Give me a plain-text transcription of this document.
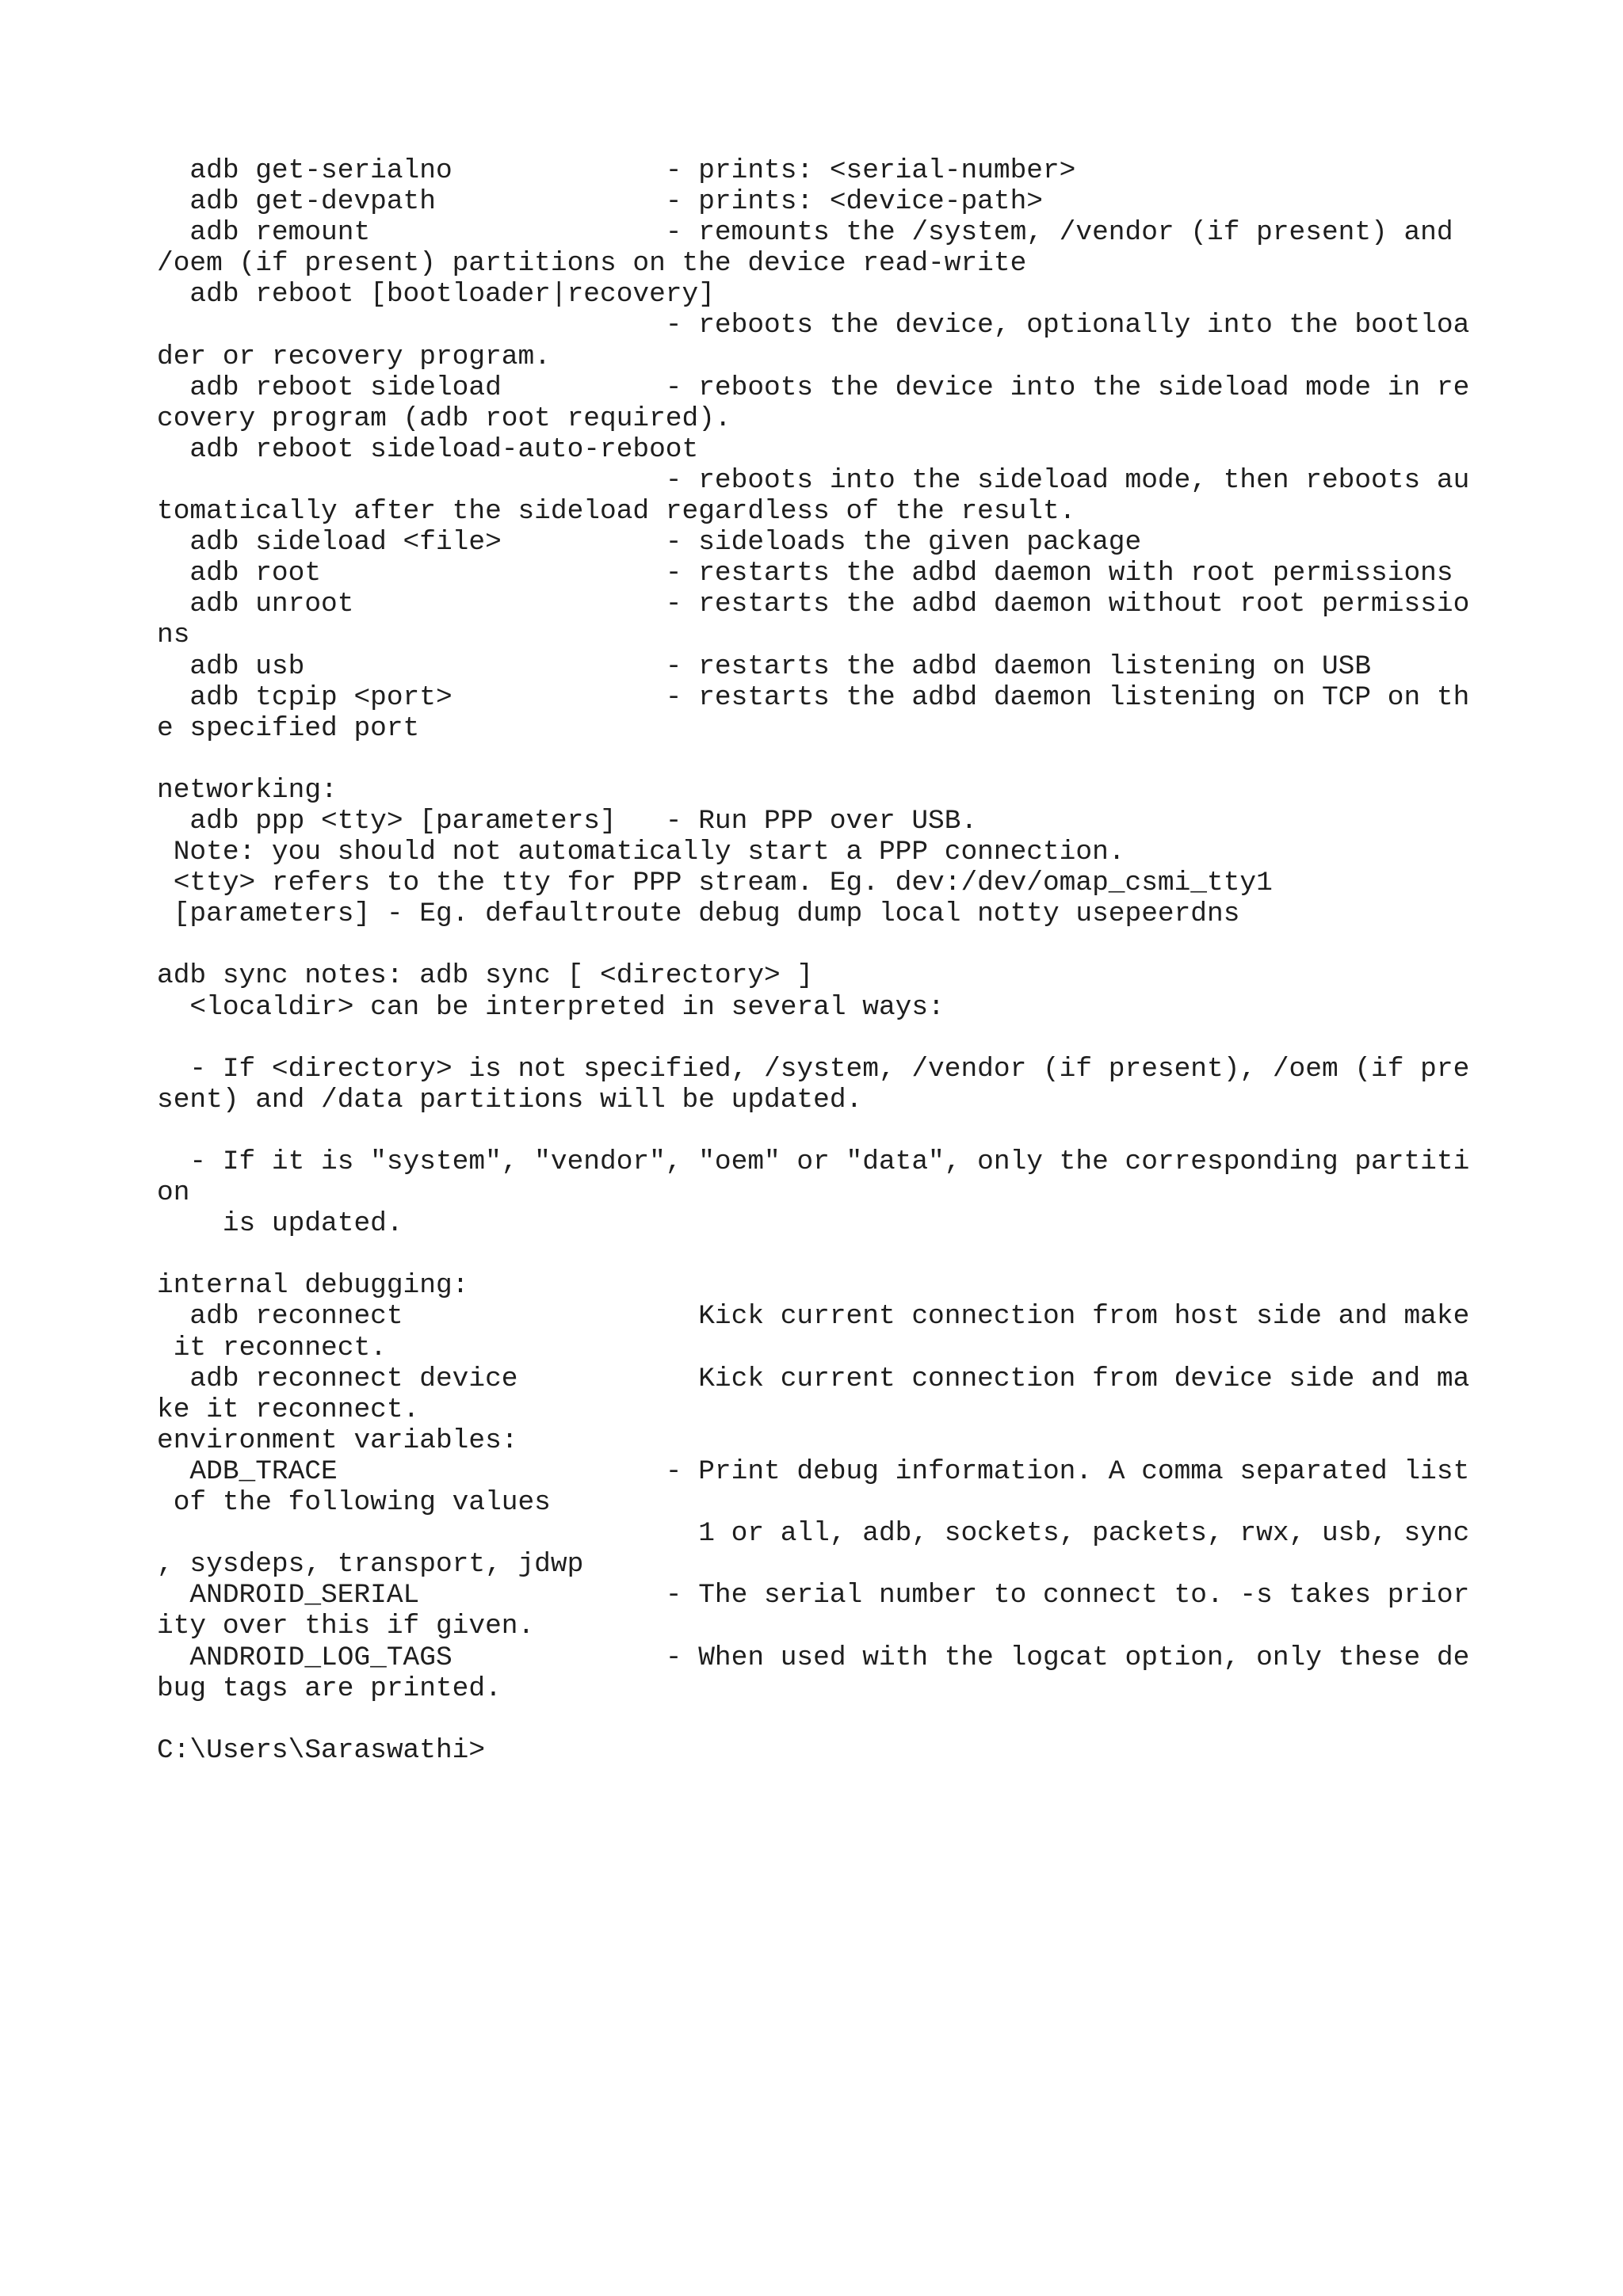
adb get-serialno             - prints: <serial-number>
adb get-devpath              - prints: <device-path>
adb remount                  - remounts the /system, /vendor (if present) and
/oem (if present) partitions on the device read-write
adb reboot [bootloader|recovery]
- reboots the device, optionally into the bootloa
der or recovery program.
adb reboot sideload          - reboots the device into the sideload mode in re
covery program (adb root required).
adb reboot sideload-auto-reboot
- reboots into the sideload mode, then reboots au
tomatically after the sideload regardless of the result.
adb sideload <file>          - sideloads the given package
adb root                     - restarts the adbd daemon with root permissions
adb unroot                   - restarts the adbd daemon without root permissio
ns
adb usb                      - restarts the adbd daemon listening on USB
adb tcpip <port>             - restarts the adbd daemon listening on TCP on th
e specified port
networking:
adb ppp <tty> [parameters]   - Run PPP over USB.
Note: you should not automatically start a PPP connection.
<tty> refers to the tty for PPP stream. Eg. dev:/dev/omap_csmi_tty1
[parameters] - Eg. defaultroute debug dump local notty usepeerdns
adb sync notes: adb sync [ <directory> ]
<localdir> can be interpreted in several ways:
- If <directory> is not specified, /system, /vendor (if present), /oem (if pre
sent) and /data partitions will be updated.
- If it is "system", "vendor", "oem" or "data", only the corresponding partiti
on
is updated.
internal debugging:
adb reconnect                  Kick current connection from host side and make
it reconnect.
adb reconnect device           Kick current connection from device side and ma
ke it reconnect.
environment variables:
ADB_TRACE                    - Print debug information. A comma separated list
of the following values
1 or all, adb, sockets, packets, rwx, usb, sync
, sysdeps, transport, jdwp
ANDROID_SERIAL               - The serial number to connect to. -s takes prior
ity over this if given.
ANDROID_LOG_TAGS             - When used with the logcat option, only these de
bug tags are printed.
C:\Users\Saraswathi>
